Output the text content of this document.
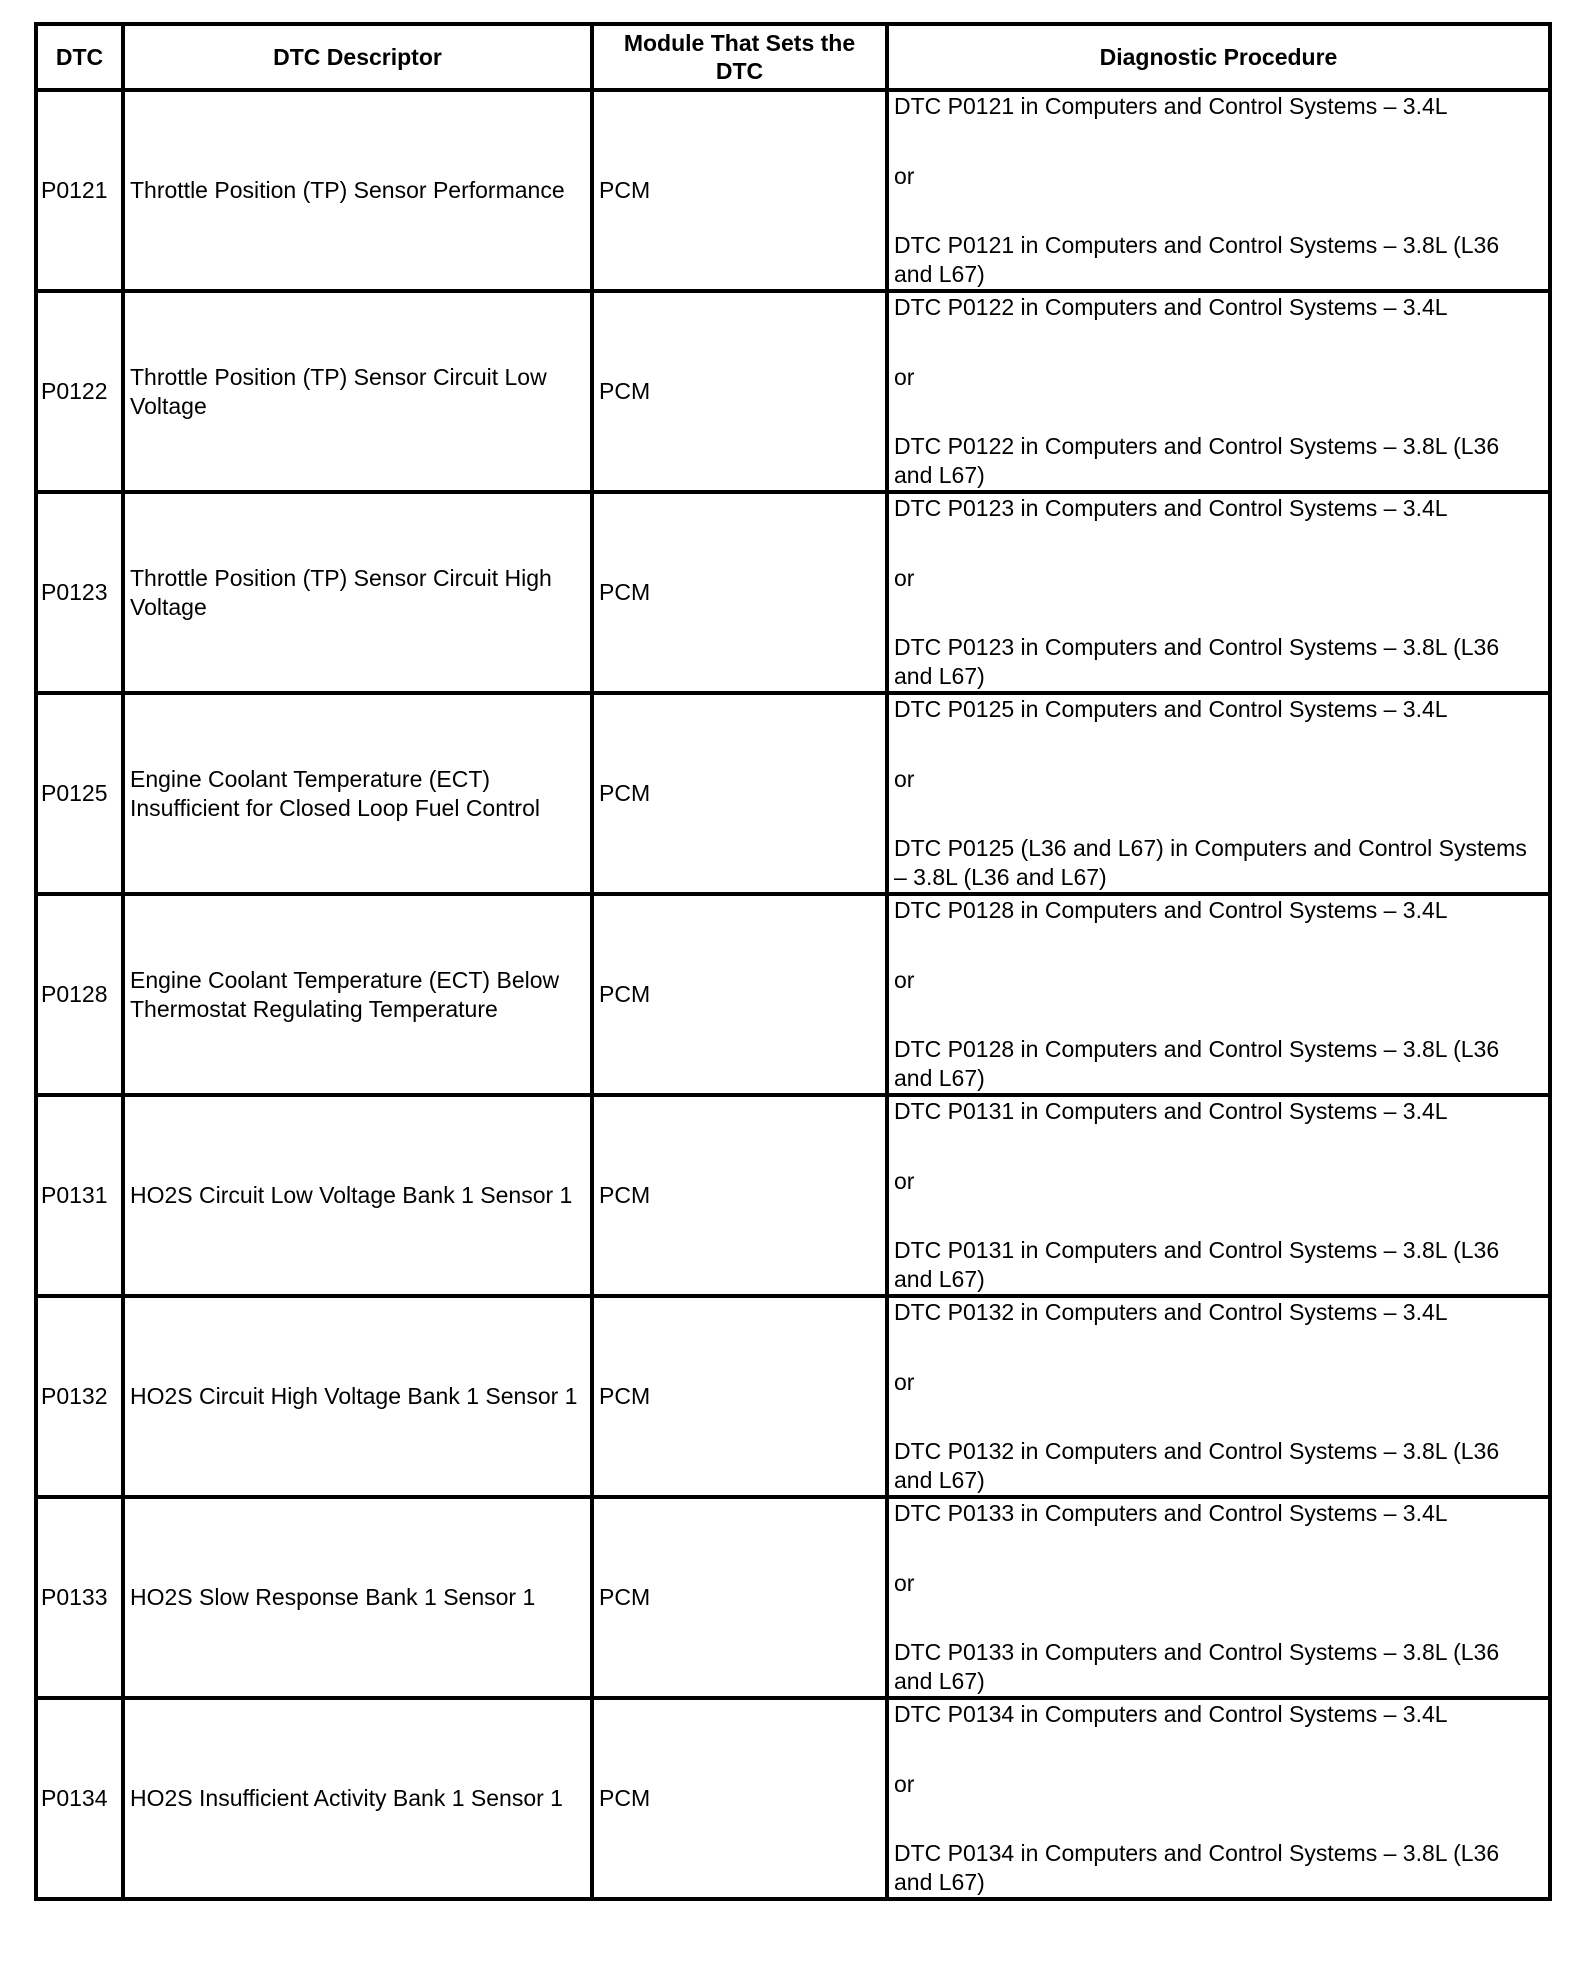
DTC	DTC Descriptor	Module That Sets the DTC	Diagnostic Procedure
P0121	Throttle Position (TP) Sensor Performance	PCM	DTC P0121 in Computers and Control Systems – 3.4L
or
DTC P0121 in Computers and Control Systems – 3.8L (L36 and L67)

P0122	Throttle Position (TP) Sensor Circuit Low Voltage	PCM	DTC P0122 in Computers and Control Systems – 3.4L
or
DTC P0122 in Computers and Control Systems – 3.8L (L36 and L67)

P0123	Throttle Position (TP) Sensor Circuit High Voltage	PCM	DTC P0123 in Computers and Control Systems – 3.4L
or
DTC P0123 in Computers and Control Systems – 3.8L (L36 and L67)

P0125	Engine Coolant Temperature (ECT) Insufficient for Closed Loop Fuel Control	PCM	DTC P0125 in Computers and Control Systems – 3.4L
or
DTC P0125 (L36 and L67) in Computers and Control Systems – 3.8L (L36 and L67)

P0128	Engine Coolant Temperature (ECT) Below Thermostat Regulating Temperature	PCM	DTC P0128 in Computers and Control Systems – 3.4L
or
DTC P0128 in Computers and Control Systems – 3.8L (L36 and L67)

P0131	HO2S Circuit Low Voltage Bank 1 Sensor 1	PCM	DTC P0131 in Computers and Control Systems – 3.4L
or
DTC P0131 in Computers and Control Systems – 3.8L (L36 and L67)

P0132	HO2S Circuit High Voltage Bank 1 Sensor 1	PCM	DTC P0132 in Computers and Control Systems – 3.4L
or
DTC P0132 in Computers and Control Systems – 3.8L (L36 and L67)

P0133	HO2S Slow Response Bank 1 Sensor 1	PCM	DTC P0133 in Computers and Control Systems – 3.4L
or
DTC P0133 in Computers and Control Systems – 3.8L (L36 and L67)

P0134	HO2S Insufficient Activity Bank 1 Sensor 1	PCM	DTC P0134 in Computers and Control Systems – 3.4L
or
DTC P0134 in Computers and Control Systems – 3.8L (L36 and L67)
